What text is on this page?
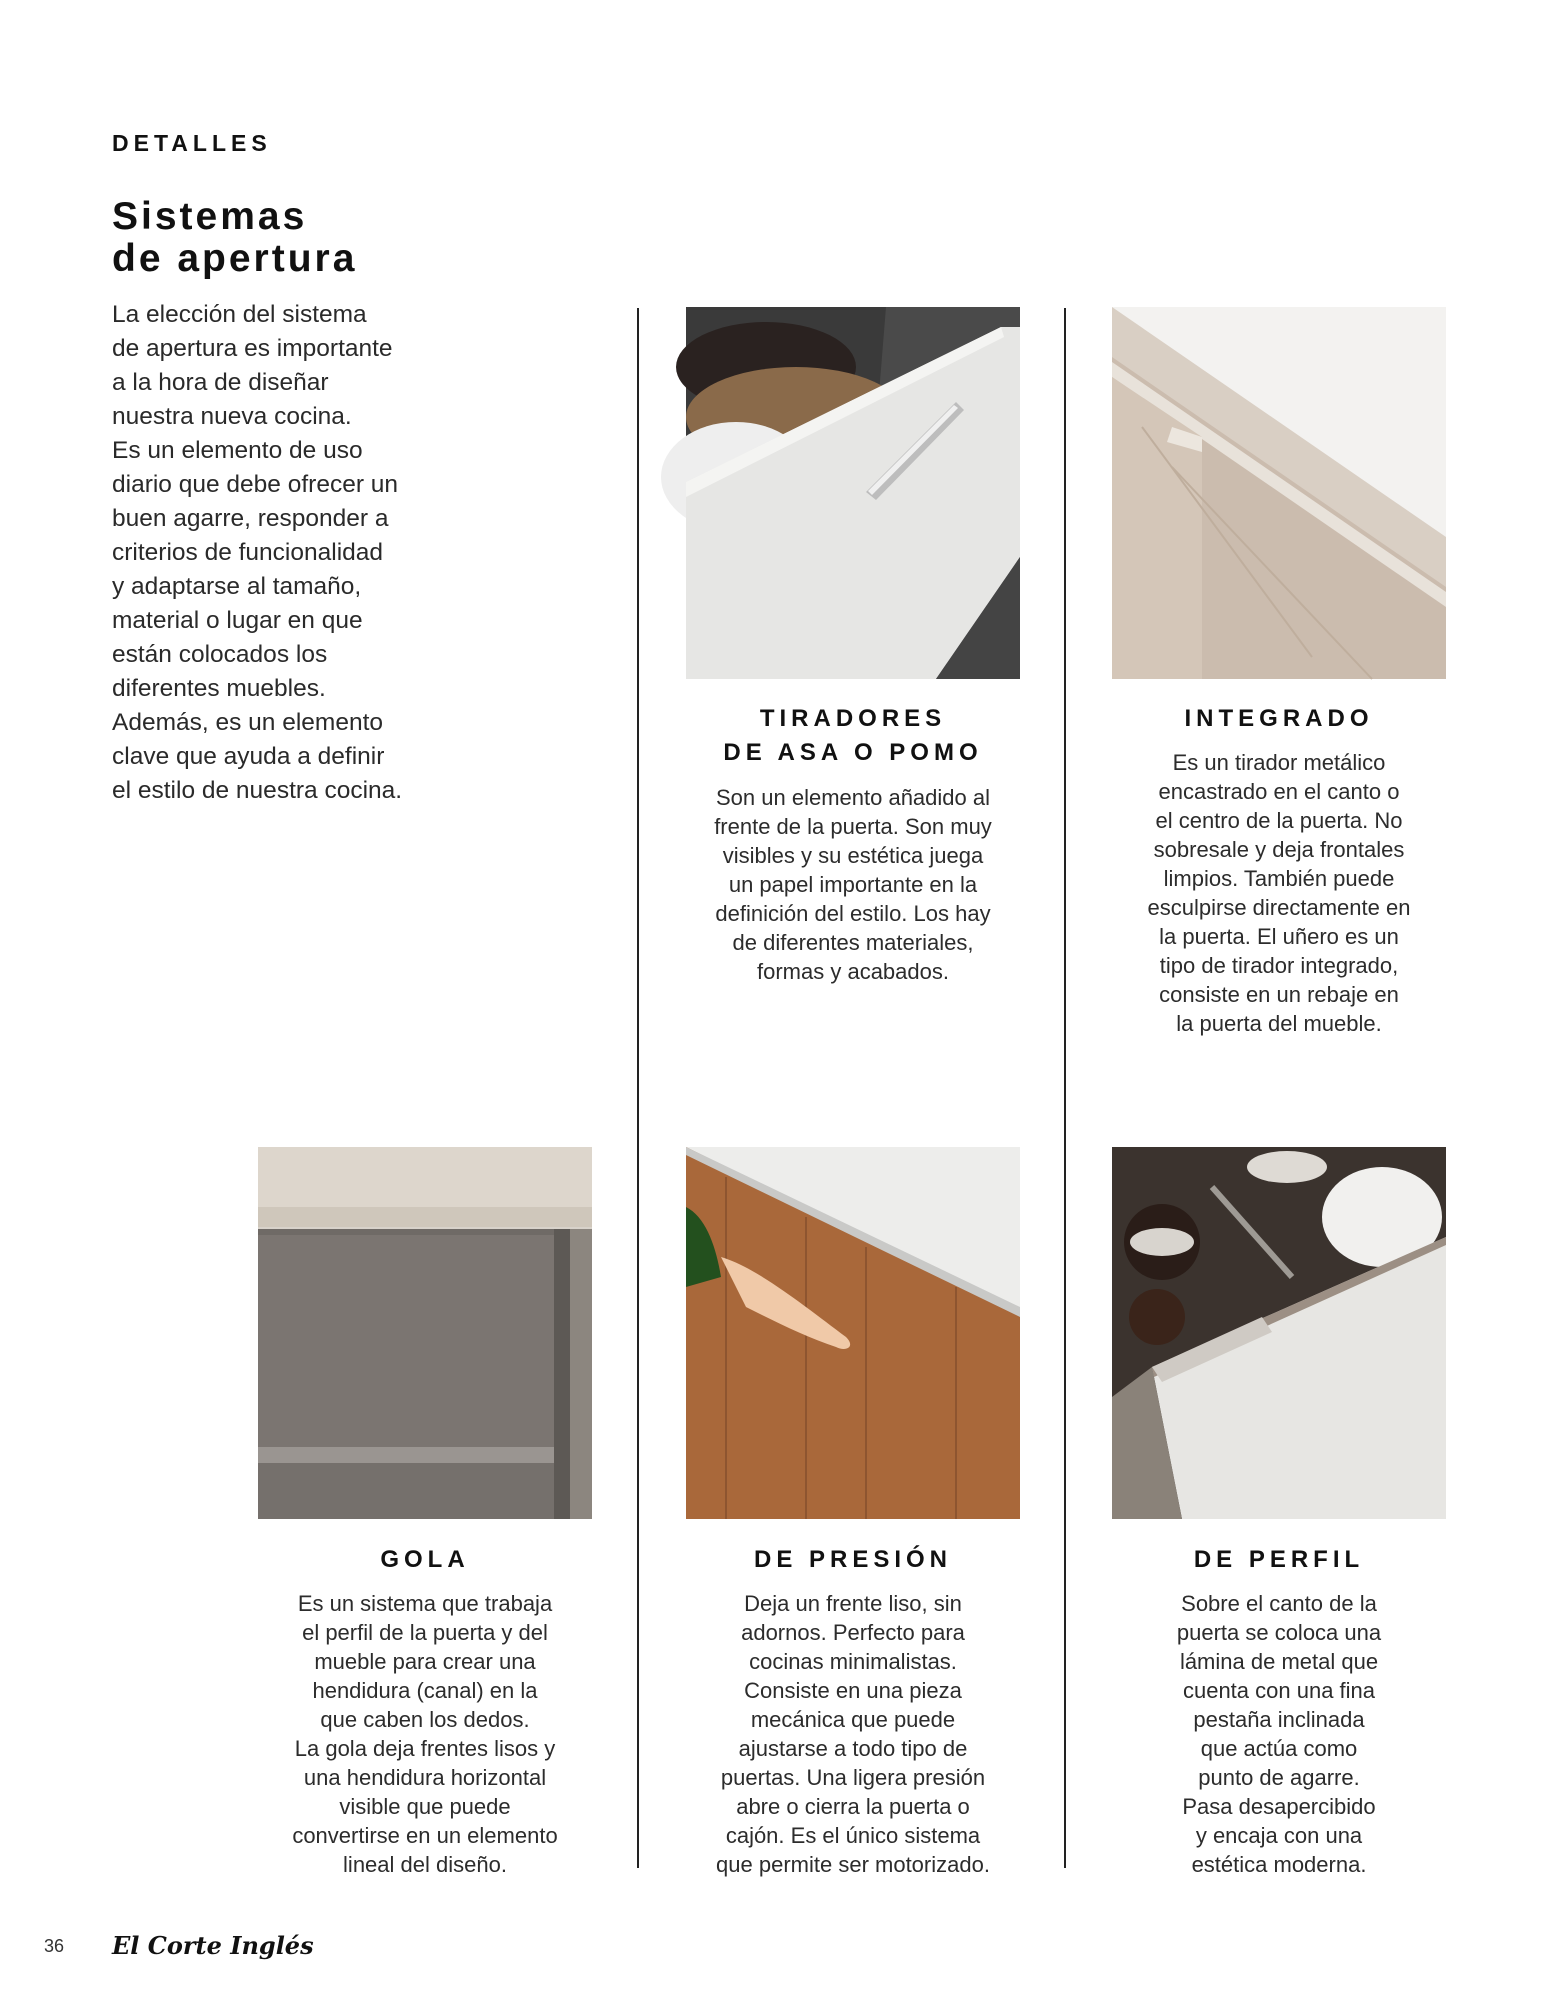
DETALLES
Sistemas
de apertura
La elección del sistema
de apertura es importante
a la hora de diseñar
nuestra nueva cocina.
Es un elemento de uso
diario que debe ofrecer un
buen agarre, responder a
criterios de funcionalidad
y adaptarse al tamaño,
material o lugar en que
están colocados los
diferentes muebles.
Además, es un elemento
clave que ayuda a definir
el estilo de nuestra cocina.
TIRADORES
DE ASA O POMO
Son un elemento añadido al
frente de la puerta. Son muy
visibles y su estética juega
un papel importante en la
definición del estilo. Los hay
de diferentes materiales,
formas y acabados.
INTEGRADO
Es un tirador metálico
encastrado en el canto o
el centro de la puerta. No
sobresale y deja frontales
limpios. También puede
esculpirse directamente en
la puerta. El uñero es un
tipo de tirador integrado,
consiste en un rebaje en
la puerta del mueble.
GOLA
Es un sistema que trabaja
el perfil de la puerta y del
mueble para crear una
hendidura (canal) en la
que caben los dedos.
La gola deja frentes lisos y
una hendidura horizontal
visible que puede
convertirse en un elemento
lineal del diseño.
DE PRESIÓN
Deja un frente liso, sin
adornos. Perfecto para
cocinas minimalistas.
Consiste en una pieza
mecánica que puede
ajustarse a todo tipo de
puertas. Una ligera presión
abre o cierra la puerta o
cajón. Es el único sistema
que permite ser motorizado.
DE PERFIL
Sobre el canto de la
puerta se coloca una
lámina de metal que
cuenta con una fina
pestaña inclinada
que actúa como
punto de agarre.
Pasa desapercibido
y encaja con una
estética moderna.
36 El Corte Inglés
